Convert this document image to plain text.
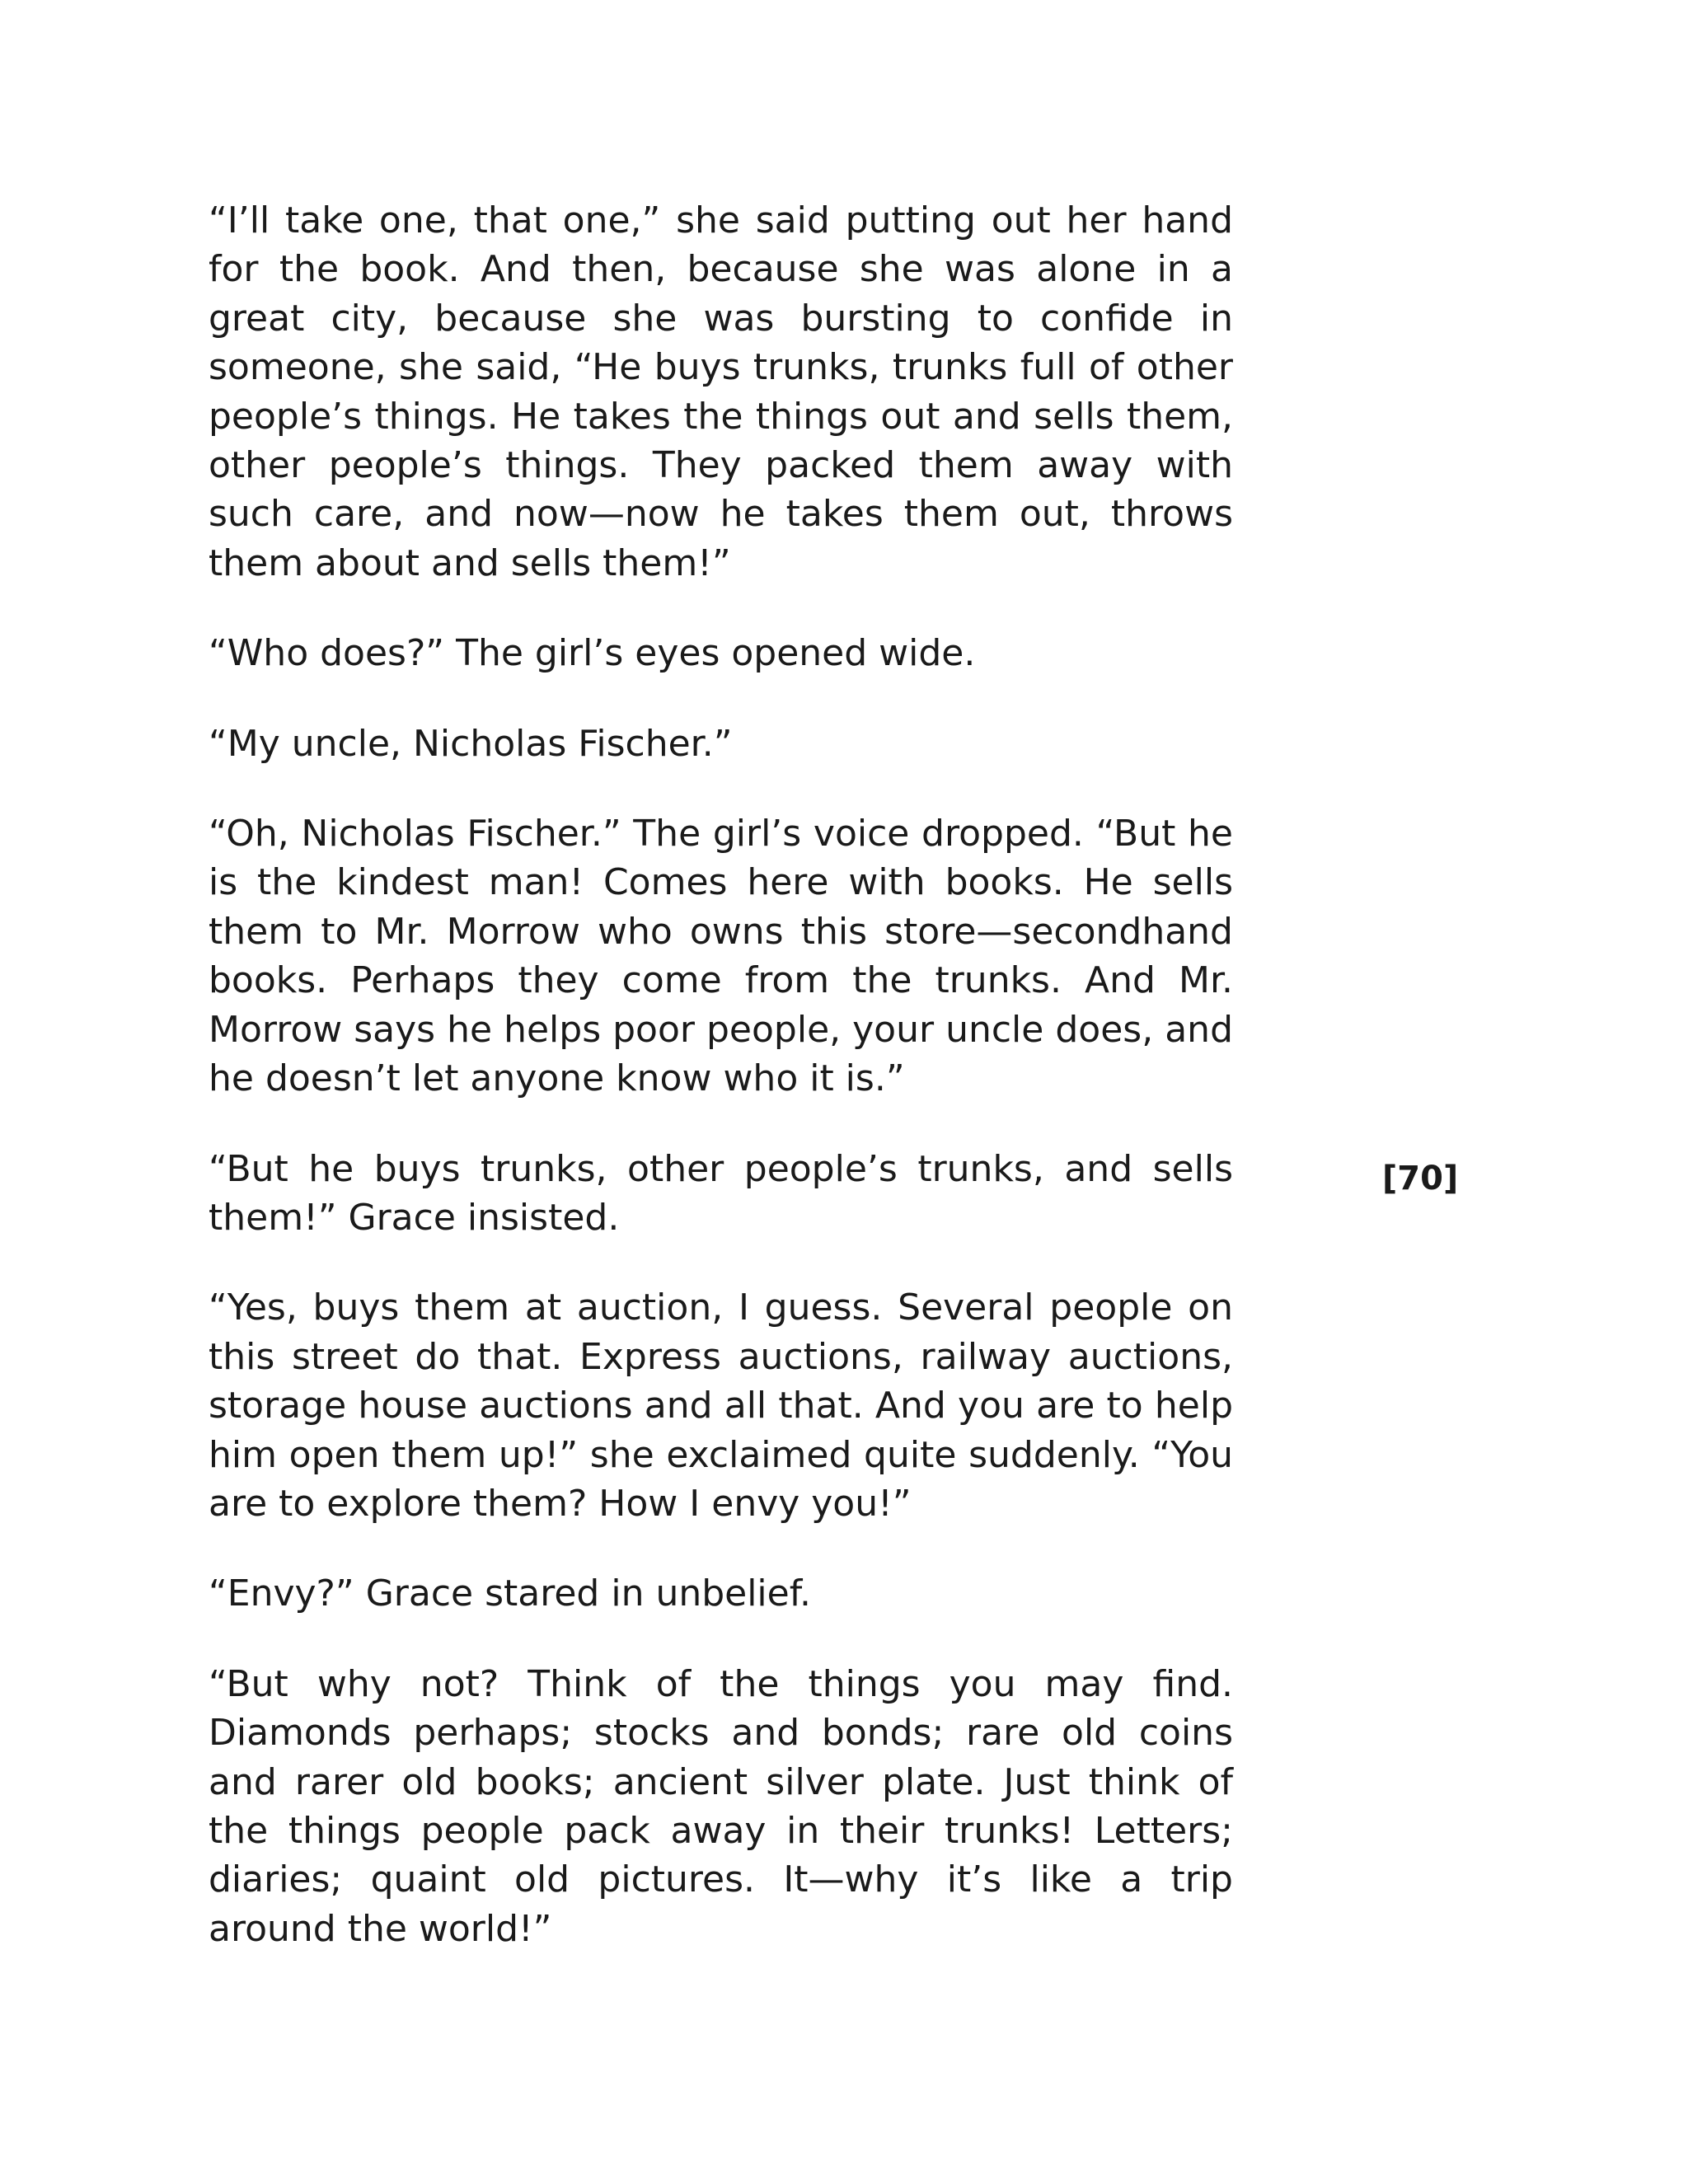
“I’ll take one, that one,” she said putting out her hand for the book. And then, because she was alone in a great city, because she was bursting to confide in someone, she said, “He buys trunks, trunks full of other people’s things. He takes the things out and sells them, other people’s things. They packed them away with such care, and now—now he takes them out, throws them about and sells them!”

“Who does?” The girl’s eyes opened wide.

“My uncle, Nicholas Fischer.”

“Oh, Nicholas Fischer.” The girl’s voice dropped. “But he is the kindest man! Comes here with books. He sells them to Mr. Morrow who owns this store—secondhand books. Perhaps they come from the trunks. And Mr. Morrow says he helps poor people, your uncle does, and he doesn’t let anyone know who it is.”

“But he buys trunks, other people’s trunks, and sells them!” Grace insisted.

“Yes, buys them at auction, I guess. Several people on this street do that. Express auctions, railway auctions, storage house auctions and all that. And you are to help him open them up!” she exclaimed quite suddenly. “You are to explore them? How I envy you!”

“Envy?” Grace stared in unbelief.

“But why not? Think of the things you may find. Diamonds perhaps; stocks and bonds; rare old coins and rarer old books; ancient silver plate. Just think of the things people pack away in their trunks! Letters; diaries; quaint old pictures. It—why it’s like a trip around the world!”

[70]
